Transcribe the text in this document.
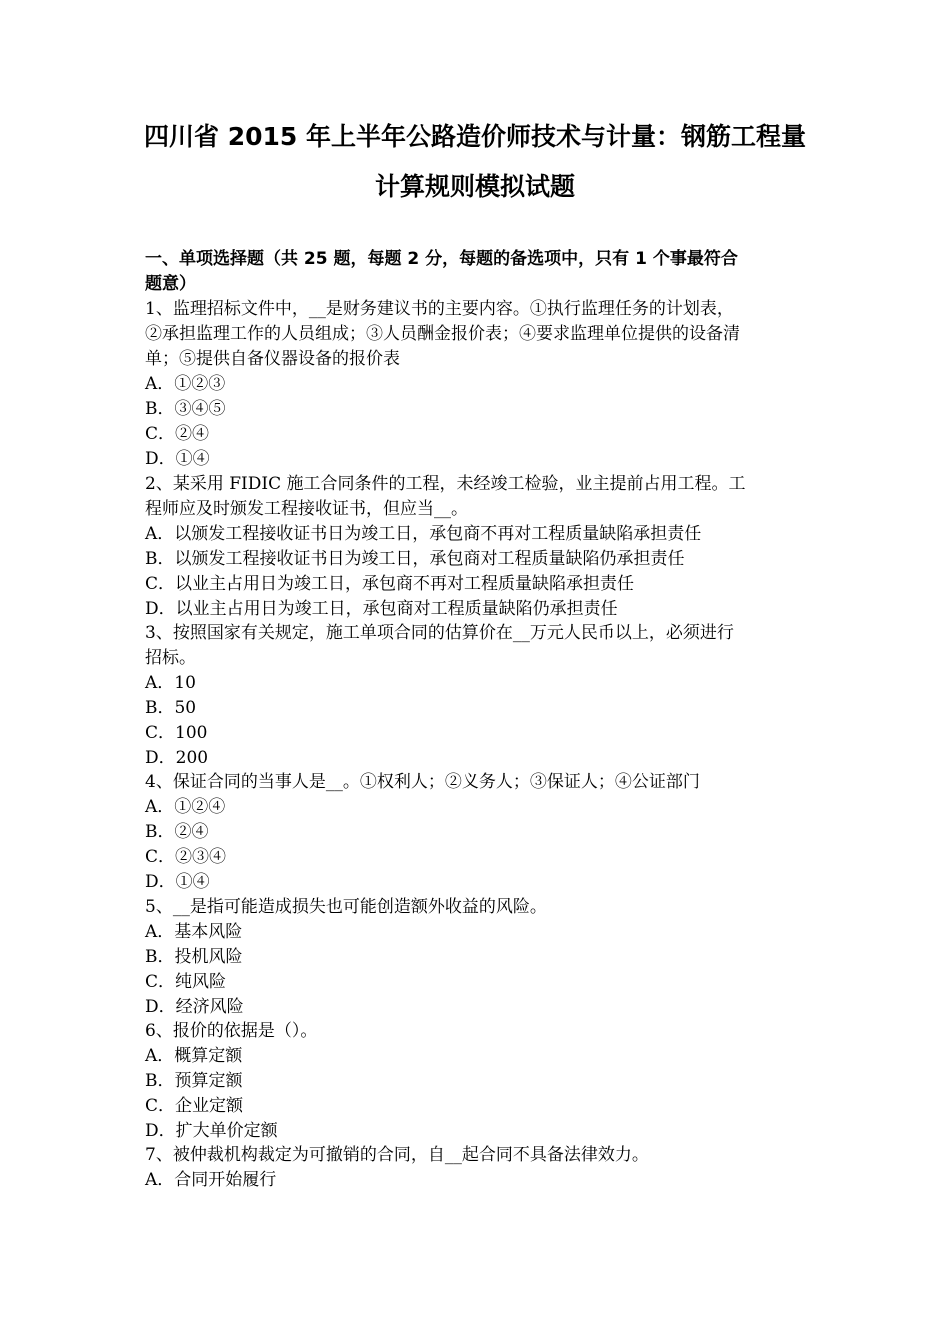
四川省 2015 年上半年公路造价师技术与计量：钢筋工程量
计算规则模拟试题
一、单项选择题（共 25 题，每题 2 分，每题的备选项中，只有 1 个事最符合
题意）
1、监理招标文件中，__是财务建议书的主要内容。①执行监理任务的计划表，
②承担监理工作的人员组成；③人员酬金报价表；④要求监理单位提供的设备清
单；⑤提供自备仪器设备的报价表
A．①②③
B．③④⑤
C．②④
D．①④
2、某采用 FIDIC 施工合同条件的工程，未经竣工检验，业主提前占用工程。工
程师应及时颁发工程接收证书，但应当__。
A．以颁发工程接收证书日为竣工日，承包商不再对工程质量缺陷承担责任
B．以颁发工程接收证书日为竣工日，承包商对工程质量缺陷仍承担责任
C．以业主占用日为竣工日，承包商不再对工程质量缺陷承担责任
D．以业主占用日为竣工日，承包商对工程质量缺陷仍承担责任
3、按照国家有关规定，施工单项合同的估算价在__万元人民币以上，必须进行
招标。
A．10
B．50
C．100
D．200
4、保证合同的当事人是__。①权利人；②义务人；③保证人；④公证部门
A．①②④
B．②④
C．②③④
D．①④
5、__是指可能造成损失也可能创造额外收益的风险。
A．基本风险
B．投机风险
C．纯风险
D．经济风险
6、报价的依据是（）。
A．概算定额
B．预算定额
C．企业定额
D．扩大单价定额
7、被仲裁机构裁定为可撤销的合同，自__起合同不具备法律效力。
A．合同开始履行
